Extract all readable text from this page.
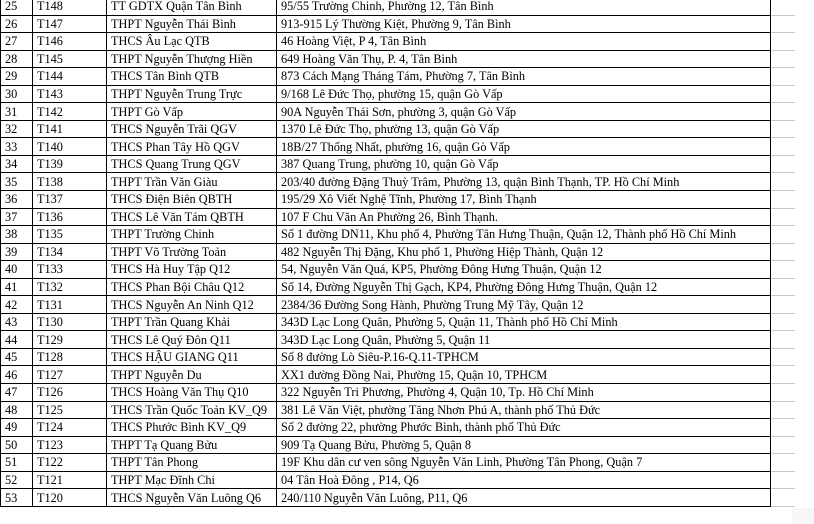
25	T148	TT GDTX Quận Tân Bình	95/55 Trường Chinh, Phường 12, Tân Bình	
26	T147	THPT Nguyễn Thái Bình	913-915 Lý Thường Kiệt, Phường 9, Tân Bình	
27	T146	THCS Âu Lạc QTB	46 Hoàng Việt, P 4, Tân Bình	
28	T145	THPT Nguyễn Thượng Hiền	649 Hoàng Văn Thụ, P. 4, Tân Bình	
29	T144	THCS Tân Bình QTB	873 Cách Mạng Tháng Tám, Phường 7, Tân Bình	
30	T143	THPT Nguyễn Trung Trực	9/168 Lê Đức Thọ, phường 15, quận Gò Vấp	
31	T142	THPT Gò Vấp	90A Nguyễn Thái Sơn, phường 3, quận Gò Vấp	
32	T141	THCS Nguyễn Trãi QGV	1370 Lê Đức Thọ, phường 13, quận Gò Vấp	
33	T140	THCS Phan Tây Hồ QGV	18B/27 Thống Nhất, phường 16, quận Gò Vấp	
34	T139	THCS Quang Trung QGV	387 Quang Trung, phường 10, quận Gò Vấp	
35	T138	THPT Trần Văn Giàu	203/40 đường Đặng Thuỳ Trâm, Phường 13, quận Bình Thạnh, TP. Hồ Chí Minh	
36	T137	THCS Điện Biên QBTH	195/29 Xô Viết Nghệ Tĩnh, Phường 17, Bình Thạnh	
37	T136	THCS Lê Văn Tám QBTH	107 F Chu Văn An Phường 26, Bình Thạnh.	
38	T135	THPT Trường Chinh	Số 1 đường DN11, Khu phố 4, Phường Tân Hưng Thuận, Quận 12, Thành phố Hồ Chí Minh	
39	T134	THPT Võ Trường Toản	482 Nguyễn Thị Đặng, Khu phố 1, Phường Hiệp Thành, Quận 12	
40	T133	THCS Hà Huy Tập Q12	54, Nguyễn Văn Quá, KP5, Phường Đông Hưng Thuận, Quận 12	
41	T132	THCS Phan Bội Châu Q12	Số 14, Đường Nguyễn Thị Gạch, KP4, Phường Đông Hưng Thuận, Quận 12	
42	T131	THCS Nguyễn An Ninh Q12	2384/36 Đường Song Hành, Phường Trung Mỹ Tây, Quận 12	
43	T130	THPT Trần Quang Khải	343D Lạc Long Quân, Phường 5, Quận 11, Thành phố Hồ Chí Minh	
44	T129	THCS Lê Quý Đôn Q11	343D Lạc Long Quân, Phường 5, Quận 11	
45	T128	THCS HẬU GIANG Q11	Số 8 đường Lò Siêu-P.16-Q.11-TPHCM	
46	T127	THPT Nguyễn Du	XX1 đường Đồng Nai, Phường 15, Quận 10, TPHCM	
47	T126	THCS Hoàng Văn Thụ Q10	322 Nguyễn Tri Phương, Phường 4, Quận 10, Tp. Hồ Chí Minh	
48	T125	THCS Trần Quốc Toản KV_Q9	381 Lê Văn Việt, phường Tăng Nhơn Phú A, thành phố Thủ Đức	
49	T124	THCS Phước Bình KV_Q9	Số 2 đường 22, phường Phước Bình, thành phố Thủ Đức	
50	T123	THPT Tạ Quang Bửu	909 Tạ Quang Bửu, Phường 5, Quận 8	
51	T122	THPT Tân Phong	19F Khu dân cư ven sông Nguyễn Văn Linh, Phường Tân Phong, Quận 7	
52	T121	THPT Mạc Đĩnh Chi	04 Tân Hoà Đông , P14, Q6	
53	T120	THCS Nguyễn Văn Luông Q6	240/110 Nguyễn Văn Luông, P11, Q6	
